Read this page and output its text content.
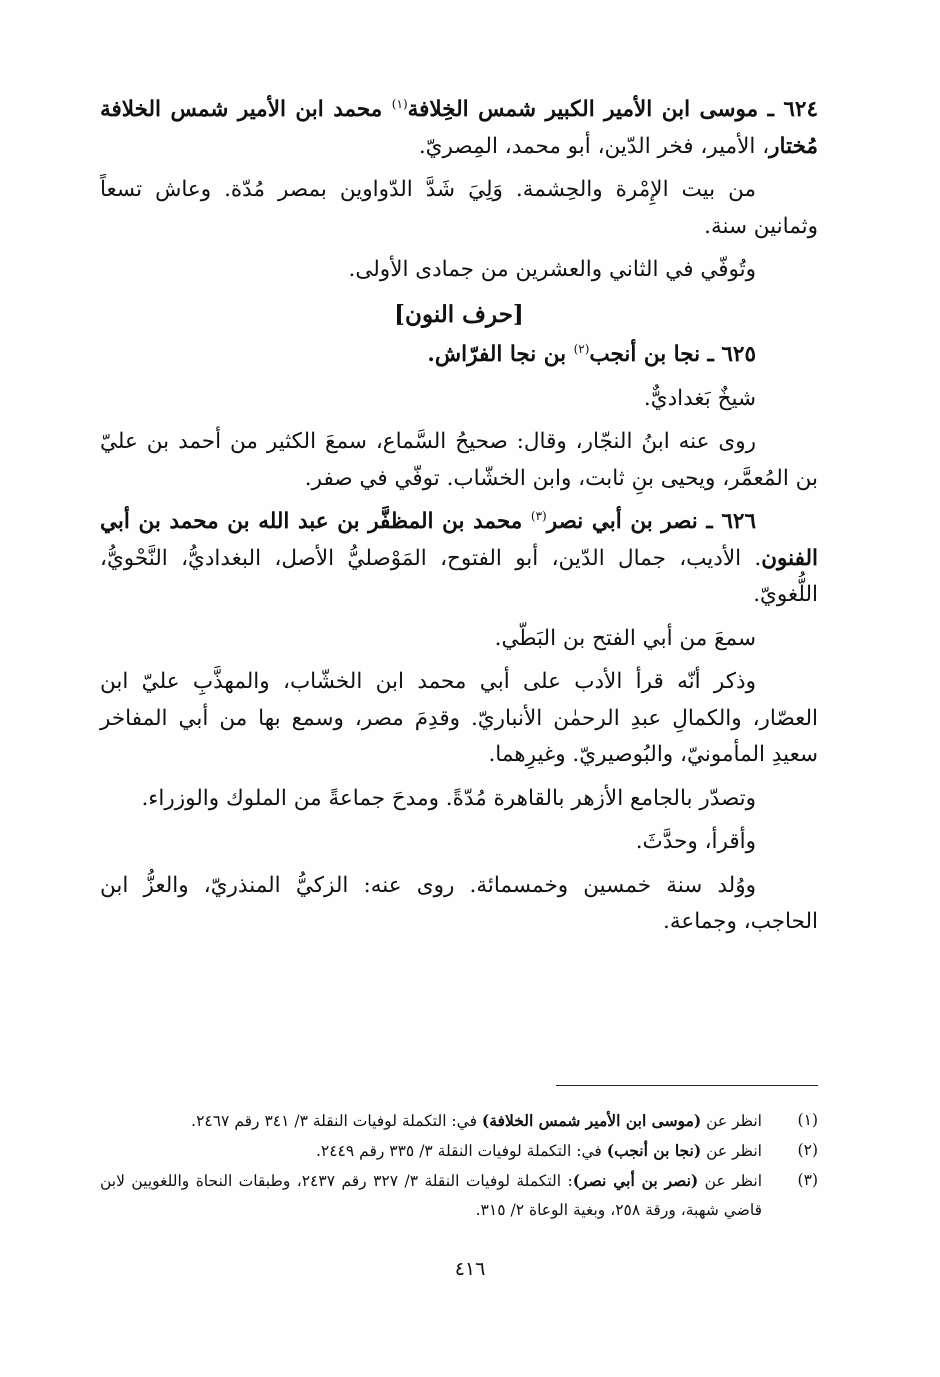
٦٢٤ ـ موسى ابن الأمير الكبير شمس الخِلافة$^{(١)}$ محمد ابن الأمير شمس الخلافة مُختار، الأمير، فخر الدّين، أبو محمد، المِصريّ.

من بيت الإِمْرة والحِشمة. وَلِيَ شَدَّ الدّواوين بمصر مُدّة. وعاش تسعاً وثمانين سنة.

وتُوفّي في الثاني والعشرين من جمادى الأولى.

[حرف النون]

٦٢٥ ـ نجا بن أنجب$^{(٢)}$ بن نجا الفرّاش.

شيخٌ بَغداديٌّ.

روى عنه ابنُ النجّار، وقال: صحيحُ السَّماع، سمعَ الكثير من أحمد بن عليّ بن المُعمَّر، ويحيى بنِ ثابت، وابن الخشّاب. توفّي في صفر.

٦٢٦ ـ نصر بن أبي نصر$^{(٣)}$ محمد بن المظفَّر بن عبد الله بن محمد بن أبي الفنون. الأديب، جمال الدّين، أبو الفتوح، المَوْصليُّ الأصل، البغداديُّ، النَّحْويُّ، اللُّغويّ.

سمعَ من أبي الفتح بن البَطّي.

وذكر أنّه قرأ الأدب على أبي محمد ابن الخشّاب، والمهذَّبِ عليّ ابن العصّار، والكمالِ عبدِ الرحمٰن الأنباريّ. وقدِمَ مصر، وسمع بها من أبي المفاخر سعيدِ المأمونيّ، والبُوصيريّ. وغيرِهما.

وتصدّر بالجامع الأزهر بالقاهرة مُدّةً. ومدحَ جماعةً من الملوك والوزراء.

وأقرأ، وحدَّثَ.

ووُلد سنة خمسين وخمسمائة. روى عنه: الزكيُّ المنذريّ، والعزُّ ابن الحاجب، وجماعة.

(١)
انظر عن (موسى ابن الأمير شمس الخلافة) في: التكملة لوفيات النقلة ٣/ ٣٤١ رقم ٢٤٦٧.
(٢)
انظر عن (نجا بن أنجب) في: التكملة لوفيات النقلة ٣/ ٣٣٥ رقم ٢٤٤٩.
(٣)
انظر عن (نصر بن أبي نصر): التكملة لوفيات النقلة ٣/ ٣٢٧ رقم ٢٤٣٧، وطبقات النحاة واللغويين لابن قاضي شهبة، ورقة ٢٥٨، وبغية الوعاة ٢/ ٣١٥.
٤١٦
